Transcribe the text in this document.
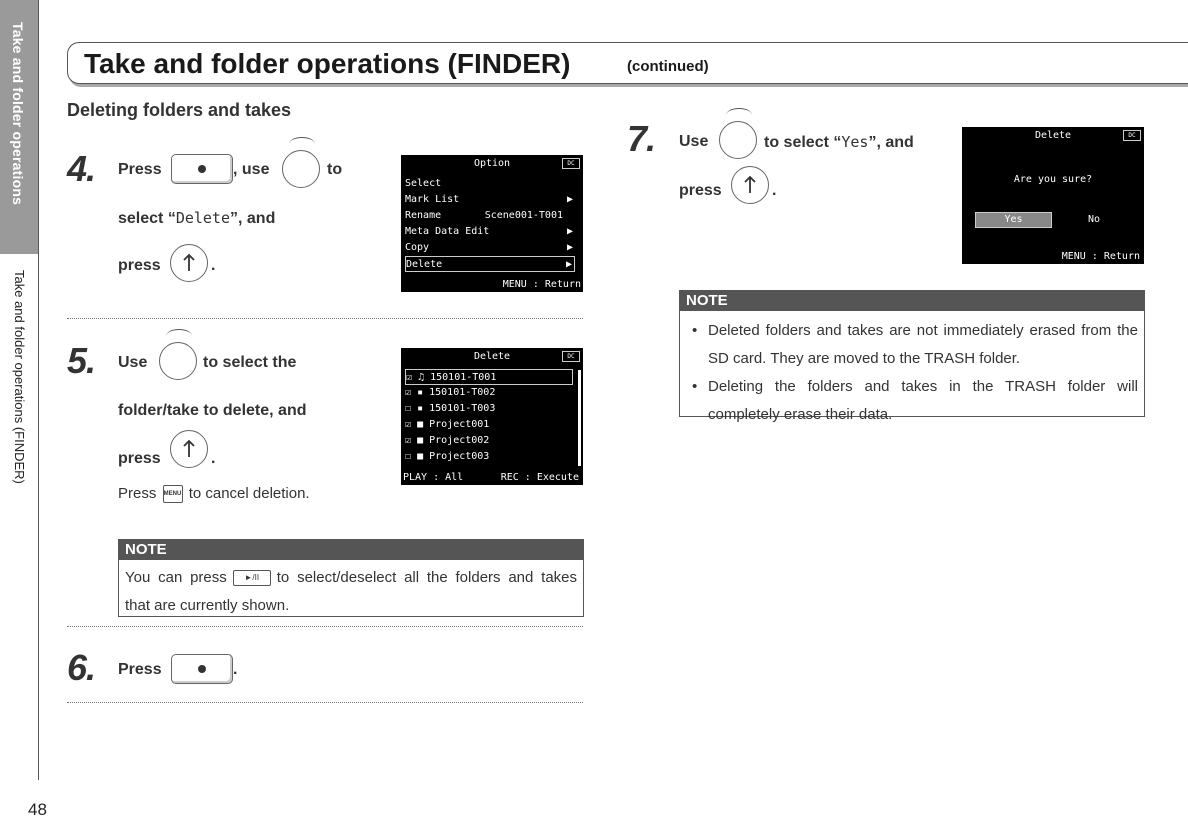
Take and folder operations
Take and folder operations (FINDER)
48
Take and folder operations (FINDER)	(continued)
Deleting folders and takes
4. Press	, use	to
select “Delete”, and
press	.
Option	DC
Select
Mark List	▶
Rename	Scene001-T001
Meta Data Edit	▶
Copy	▶
Delete	▶
MENU : Return
5. Use	to select the
folder/take to delete, and
press	.
Press MENU to cancel deletion.
Delete	DC
☑ ♫ 150101-T001
☑ ▪ 150101-T002
☐ ▪ 150101-T003
☑ ■ Project001
☑ ■ Project002
☐ ■ Project003
PLAY : All	REC : Execute
NOTE
You can press ►/II to select/deselect all the folders and takes that are currently shown.
6. Press	.
7. Use	to select “Yes”, and
press	.
Delete	DC
Are you sure?
Yes	No
MENU : Return
NOTE
• Deleted folders and takes are not immediately erased from the SD card. They are moved to the TRASH folder.
• Deleting the folders and takes in the TRASH folder will completely erase their data.
